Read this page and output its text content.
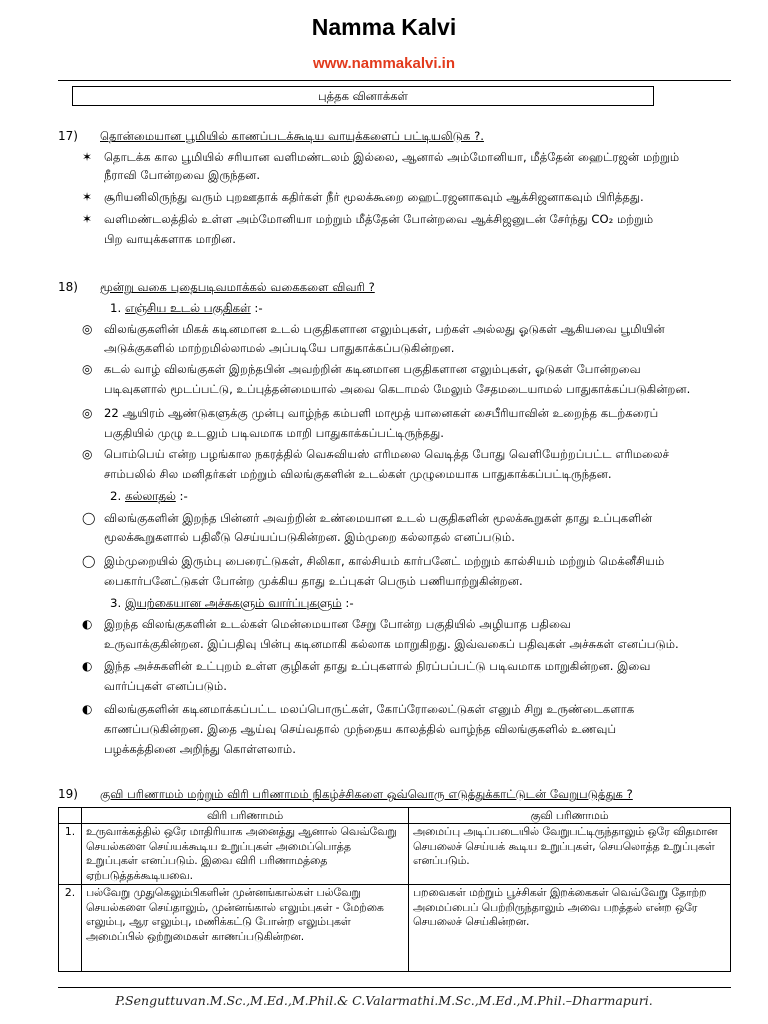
Namma Kalvi
www.nammakalvi.in
புத்தக வினாக்கள்
17) தொன்மையான பூமியில் காணப்படக்கூடிய வாயுக்களைப் பட்டியலிடுக ?.
✶ தொடக்க கால பூமியில் சரியான வளிமண்டலம் இல்லை, ஆனால் அம்மோனியா, மீத்தேன் ஹைட்ரஜன் மற்றும்
நீராவி போன்றவை இருந்தன.
✶ சூரியனிலிருந்து வரும் புறஊதாக் கதிர்கள் நீர் மூலக்கூறை ஹைட்ரஜனாகவும் ஆக்சிஜனாகவும் பிரித்தது.
✶ வளிமண்டலத்தில் உள்ள அம்மோனியா மற்றும் மீத்தேன் போன்றவை ஆக்சிஜனுடன் சேர்ந்து CO₂ மற்றும்
பிற வாயுக்களாக மாறின.
18) மூன்று வகை புதைபடிவமாக்கல் வகைகளை விவரி ?
1. எஞ்சிய உடல் பகுதிகள் :-
◎ விலங்குகளின் மிகக் கடினமான உடல் பகுதிகளான எலும்புகள், பற்கள் அல்லது ஓடுகள் ஆகியவை பூமியின்
அடுக்குகளில் மாற்றமில்லாமல் அப்படியே பாதுகாக்கப்படுகின்றன.
◎ கடல் வாழ் விலங்குகள் இறந்தபின் அவற்றின் கடினமான பகுதிகளான எலும்புகள், ஓடுகள் போன்றவை
படிவுகளால் மூடப்பட்டு, உப்புத்தன்மையால் அவை கெடாமல் மேலும் சேதமடையாமல் பாதுகாக்கப்படுகின்றன.
◎ 22 ஆயிரம் ஆண்டுகளுக்கு முன்பு வாழ்ந்த கம்பளி மாமூத் யானைகள் சைபீரியாவின் உறைந்த கடற்கரைப்
பகுதியில் முழு உடலும் படிவமாக மாறி பாதுகாக்கப்பட்டிருந்தது.
◎ பொம்பெய் என்ற பழங்கால நகரத்தில் வெசுவியஸ் எரிமலை வெடித்த போது வெளியேற்றப்பட்ட எரிமலைச்
சாம்பலில் சில மனிதர்கள் மற்றும் விலங்குகளின் உடல்கள் முழுமையாக பாதுகாக்கப்பட்டிருந்தன.
2. கல்லாதல் :-
◯ விலங்குகளின் இறந்த பின்னர் அவற்றின் உண்மையான உடல் பகுதிகளின் மூலக்கூறுகள் தாது உப்புகளின்
மூலக்கூறுகளால் பதிலீடு செய்யப்படுகின்றன. இம்முறை கல்லாதல் எனப்படும்.
◯ இம்முறையில் இரும்பு பைரைட்டுகள், சிலிகா, கால்சியம் கார்பனேட் மற்றும் கால்சியம் மற்றும் மெக்னீசியம்
பைகார்பனேட்டுகள் போன்ற முக்கிய தாது உப்புகள் பெரும் பணியாற்றுகின்றன.
3. இயற்கையான அச்சுகளும் வார்ப்புகளும் :-
◐ இறந்த விலங்குகளின் உடல்கள் மென்மையான சேறு போன்ற பகுதியில் அழியாத பதிவை
உருவாக்குகின்றன. இப்பதிவு பின்பு கடினமாகி கல்லாக மாறுகிறது. இவ்வகைப் பதிவுகள் அச்சுகள் எனப்படும்.
◐ இந்த அச்சுகளின் உட்புறம் உள்ள குழிகள் தாது உப்புகளால் நிரப்பப்பட்டு படிவமாக மாறுகின்றன. இவை
வார்ப்புகள் எனப்படும்.
◐ விலங்குகளின் கடினமாக்கப்பட்ட மலப்பொருட்கள், கோப்ரோலைட்டுகள் எனும் சிறு உருண்டைகளாக
காணப்படுகின்றன. இதை ஆய்வு செய்வதால் முந்தைய காலத்தில் வாழ்ந்த விலங்குகளில் உணவுப்
பழக்கத்தினை அறிந்து கொள்ளலாம்.
19) குவி பரிணாமம் மற்றும் விரி பரிணாமம் நிகழ்ச்சிகளை ஒவ்வொரு எடுத்துக்காட்டுடன் வேறுபடுத்துக ?
	விரி பரிணாமம்	குவி பரிணாமம்
1.	உருவாக்கத்தில் ஒரே மாதிரியாக அனைத்து ஆனால் வெவ்வேறு செயல்களை செய்யக்கூடிய உறுப்புகள் அமைப்பொத்த உறுப்புகள் எனப்படும். இவை விரி பரிணாமத்தை ஏற்படுத்தக்கூடியவை.	அமைப்பு அடிப்படையில் வேறுபட்டிருந்தாலும் ஒரே விதமான செயலைச் செய்யக் கூடிய உறுப்புகள், செயலொத்த உறுப்புகள் எனப்படும்.
2.	பல்வேறு முதுகெலும்பிகளின் முன்னங்கால்கள் பல்வேறு செயல்களை செய்தாலும், முன்னங்கால் எலும்புகள் - மேற்கை எலும்பு, ஆர எலும்பு, மணிக்கட்டு போன்ற எலும்புகள் அமைப்பில் ஒற்றுமைகள் காணப்படுகின்றன.	பறவைகள் மற்றும் பூச்சிகள் இறக்கைகள் வெவ்வேறு தோற்ற அமைப்பைப் பெற்றிருந்தாலும் அவை பறத்தல் என்ற ஒரே செயலைச் செய்கின்றன.
P.Senguttuvan.M.Sc.,M.Ed.,M.Phil.& C.Valarmathi.M.Sc.,M.Ed.,M.Phil.–Dharmapuri.
